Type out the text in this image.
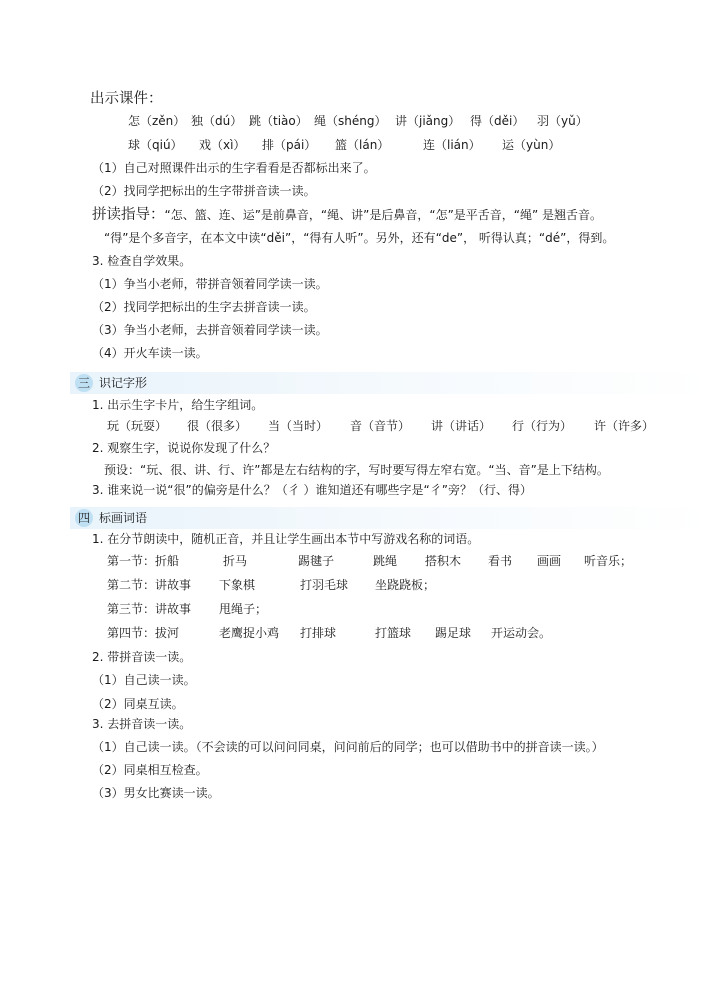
出示课件：
怎（zěn） 独（dú） 跳（tiào） 绳（shéng） 讲（jiǎng） 得（děi） 羽（yǔ）
球（qiú） 戏（xì） 排（pái） 篮（lán）	连（lián） 运（yùn）
（1）自己对照课件出示的生字看看是否都标出来了。
（2）找同学把标出的生字带拼音读一读。
拼读指导：“怎、篮、连、运”是前鼻音，“绳、讲”是后鼻音，“怎”是平舌音，“绳” 是翘舌音。
“得”是个多音字，在本文中读“děi”，“得有人听”。另外，还有“de”， 听得认真；“dé”，得到。
3. 检查自学效果。
（1）争当小老师，带拼音领着同学读一读。
（2）找同学把标出的生字去拼音读一读。
（3）争当小老师，去拼音领着同学读一读。
（4）开火车读一读。
三 识记字形
1. 出示生字卡片，给生字组词。
玩（玩耍） 很（很多） 当（当时） 音（音节） 讲（讲话） 行（行为） 许（许多）
2. 观察生字，说说你发现了什么？
预设：“玩、很、讲、行、许”都是左右结构的字，写时要写得左窄右宽。“当、音”是上下结构。
3. 谁来说一说“很”的偏旁是什么？（彳 ）谁知道还有哪些字是“彳”旁？（行、得）
四 标画词语
1. 在分节朗读中，随机正音，并且让学生画出本节中写游戏名称的词语。
第一节：折船	折马	踢毽子	跳绳 搭积木 看书 画画 听音乐；
第二节：讲故事 下象棋	打羽毛球 坐跷跷板；
第三节：讲故事 甩绳子；
第四节：拔河	老鹰捉小鸡 打排球	打篮球 踢足球 开运动会。
2. 带拼音读一读。
（1）自己读一读。
（2）同桌互读。
3. 去拼音读一读。
（1）自己读一读。（不会读的可以问问同桌，问问前后的同学；也可以借助书中的拼音读一读。）
（2）同桌相互检查。
（3）男女比赛读一读。
